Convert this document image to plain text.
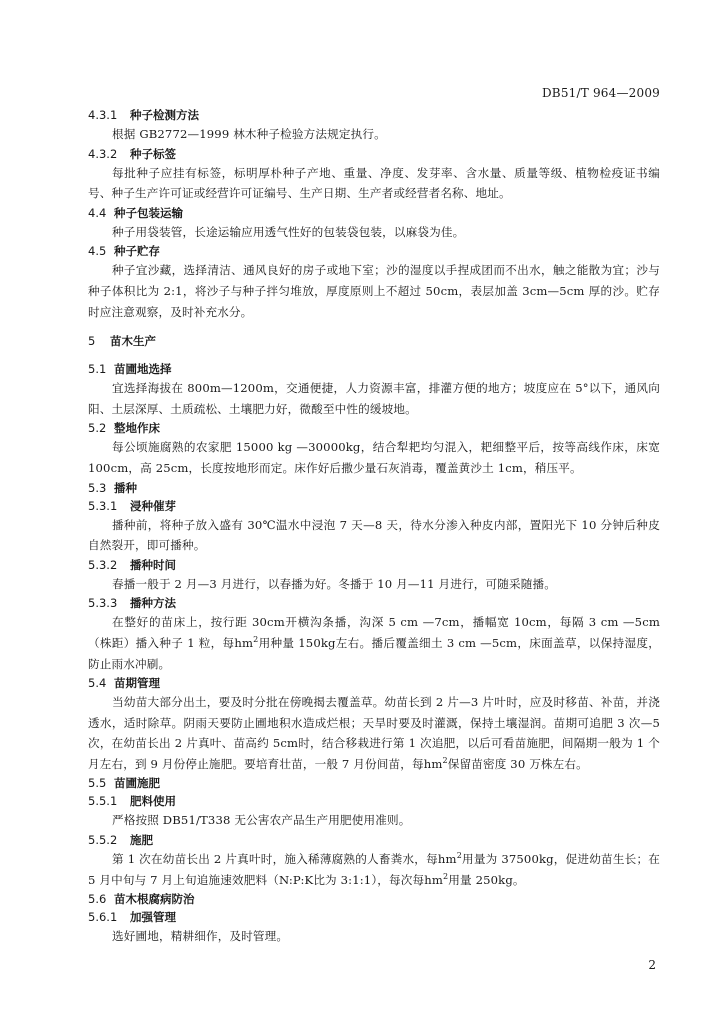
DB51/T 964—2009
4.3.1 种子检测方法

根据 GB2772—1999 林木种子检验方法规定执行。

4.3.2 种子标签

每批种子应挂有标签，标明厚朴种子产地、重量、净度、发芽率、含水量、质量等级、植物检疫证书编号、种子生产许可证或经营许可证编号、生产日期、生产者或经营者名称、地址。

4.4 种子包装运输

种子用袋装管，长途运输应用透气性好的包装袋包装，以麻袋为佳。

4.5 种子贮存

种子宜沙藏，选择清洁、通风良好的房子或地下室；沙的湿度以手捏成团而不出水，触之能散为宜；沙与种子体积比为 2:1，将沙子与种子拌匀堆放，厚度原则上不超过 50cm，表层加盖 3cm—5cm 厚的沙。贮存时应注意观察，及时补充水分。

5 苗木生产
5.1 苗圃地选择

宜选择海拔在 800m—1200m，交通便捷，人力资源丰富，排灌方便的地方；坡度应在 5°以下，通风向阳、土层深厚、土质疏松、土壤肥力好，微酸至中性的缓坡地。

5.2 整地作床

每公顷施腐熟的农家肥 15000 kg —30000kg，结合犁耙均匀混入，耙细整平后，按等高线作床，床宽 100cm，高 25cm，长度按地形而定。床作好后撒少量石灰消毒，覆盖黄沙土 1cm，稍压平。

5.3 播种
5.3.1 浸种催芽

播种前，将种子放入盛有 30℃温水中浸泡 7 天—8 天，待水分渗入种皮内部，置阳光下 10 分钟后种皮自然裂开，即可播种。

5.3.2 播种时间

春播一般于 2 月—3 月进行，以春播为好。冬播于 10 月—11 月进行，可随采随播。

5.3.3 播种方法

在整好的苗床上，按行距 30cm开横沟条播，沟深 5 cm —7cm，播幅宽 10cm，每隔 3 cm —5cm（株距）播入种子 1 粒，每$hm^2$用种量 150kg左右。播后覆盖细土 3 cm —5cm，床面盖草，以保持湿度，防止雨水冲刷。

5.4 苗期管理

当幼苗大部分出土，要及时分批在傍晚揭去覆盖草。幼苗长到 2 片—3 片叶时，应及时移苗、补苗，并浇透水，适时除草。阴雨天要防止圃地积水造成烂根；天旱时要及时灌溉，保持土壤湿润。苗期可追肥 3 次—5 次，在幼苗长出 2 片真叶、苗高约 5cm时，结合移栽进行第 1 次追肥，以后可看苗施肥，间隔期一般为 1 个月左右，到 9 月份停止施肥。要培育壮苗，一般 7 月份间苗，每$hm^2$保留苗密度 30 万株左右。

5.5 苗圃施肥
5.5.1 肥料使用

严格按照 DB51/T338 无公害农产品生产用肥使用准则。

5.5.2 施肥

第 1 次在幼苗长出 2 片真叶时，施入稀薄腐熟的人畜粪水，每$hm^2$用量为 37500kg，促进幼苗生长；在 5 月中旬与 7 月上旬追施速效肥料（N:P:K比为 3:1:1），每次每$hm^2$用量 250kg。

5.6 苗木根腐病防治
5.6.1 加强管理

选好圃地，精耕细作，及时管理。

2
